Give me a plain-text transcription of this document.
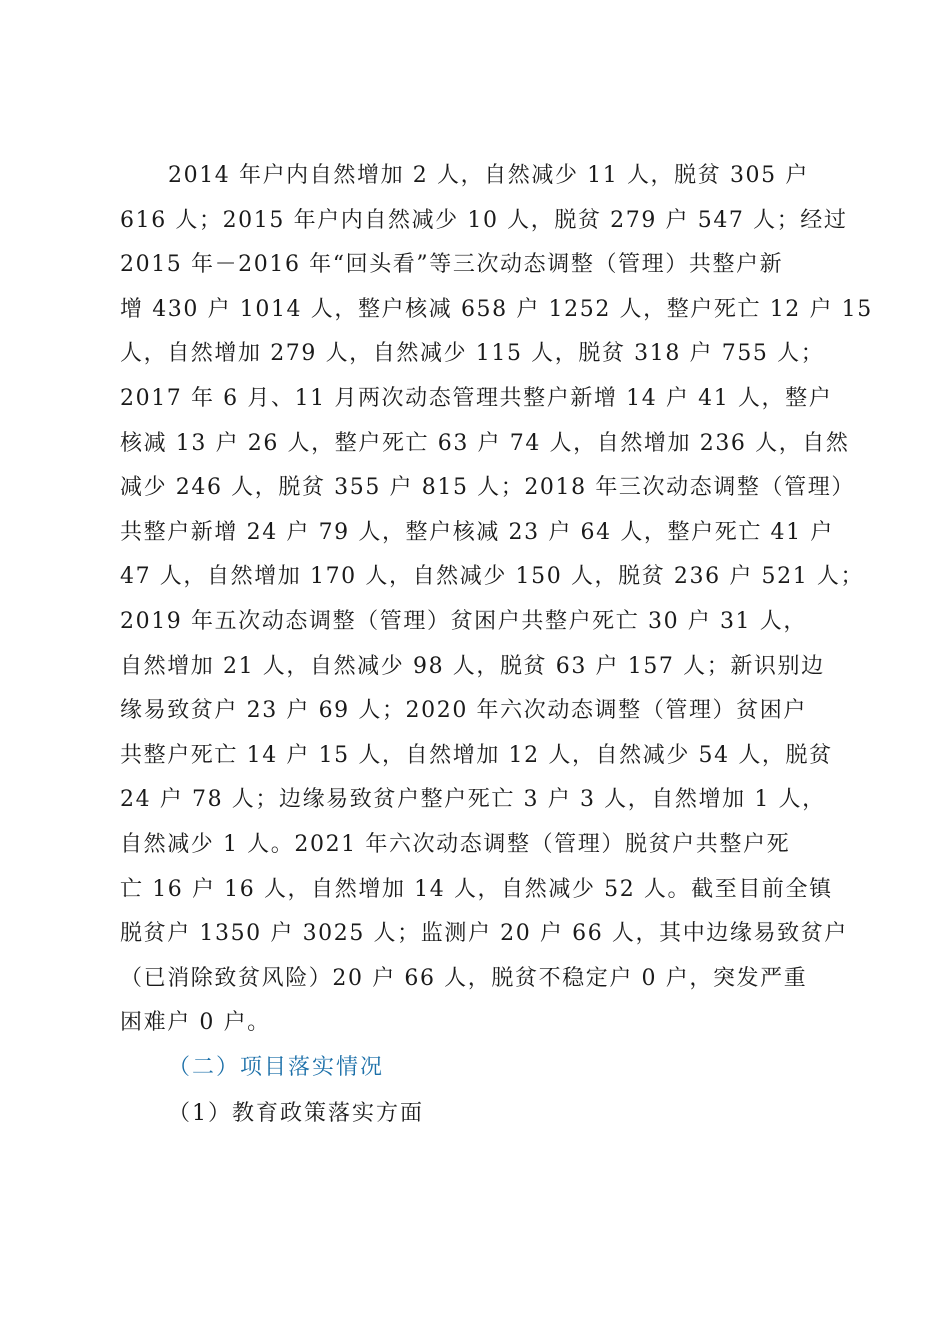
2014 年户内自然增加 2 人，自然减少 11 人，脱贫 305 户
616 人；2015 年户内自然减少 10 人，脱贫 279 户 547 人；经过
2015 年－2016 年“回头看”等三次动态调整（管理）共整户新
增 430 户 1014 人，整户核减 658 户 1252 人，整户死亡 12 户 15
人，自然增加 279 人，自然减少 115 人，脱贫 318 户 755 人；
2017 年 6 月、11 月两次动态管理共整户新增 14 户 41 人，整户
核减 13 户 26 人，整户死亡 63 户 74 人，自然增加 236 人，自然
减少 246 人，脱贫 355 户 815 人；2018 年三次动态调整（管理）
共整户新增 24 户 79 人，整户核减 23 户 64 人，整户死亡 41 户
47 人，自然增加 170 人，自然减少 150 人，脱贫 236 户 521 人；
2019 年五次动态调整（管理）贫困户共整户死亡 30 户 31 人，
自然增加 21 人，自然减少 98 人，脱贫 63 户 157 人；新识别边
缘易致贫户 23 户 69 人；2020 年六次动态调整（管理）贫困户
共整户死亡 14 户 15 人，自然增加 12 人，自然减少 54 人，脱贫
24 户 78 人；边缘易致贫户整户死亡 3 户 3 人，自然增加 1 人，
自然减少 1 人。2021 年六次动态调整（管理）脱贫户共整户死
亡 16 户 16 人，自然增加 14 人，自然减少 52 人。截至目前全镇
脱贫户 1350 户 3025 人；监测户 20 户 66 人，其中边缘易致贫户
（已消除致贫风险）20 户 66 人，脱贫不稳定户 0 户，突发严重
困难户 0 户。
（二）项目落实情况
（1）教育政策落实方面
